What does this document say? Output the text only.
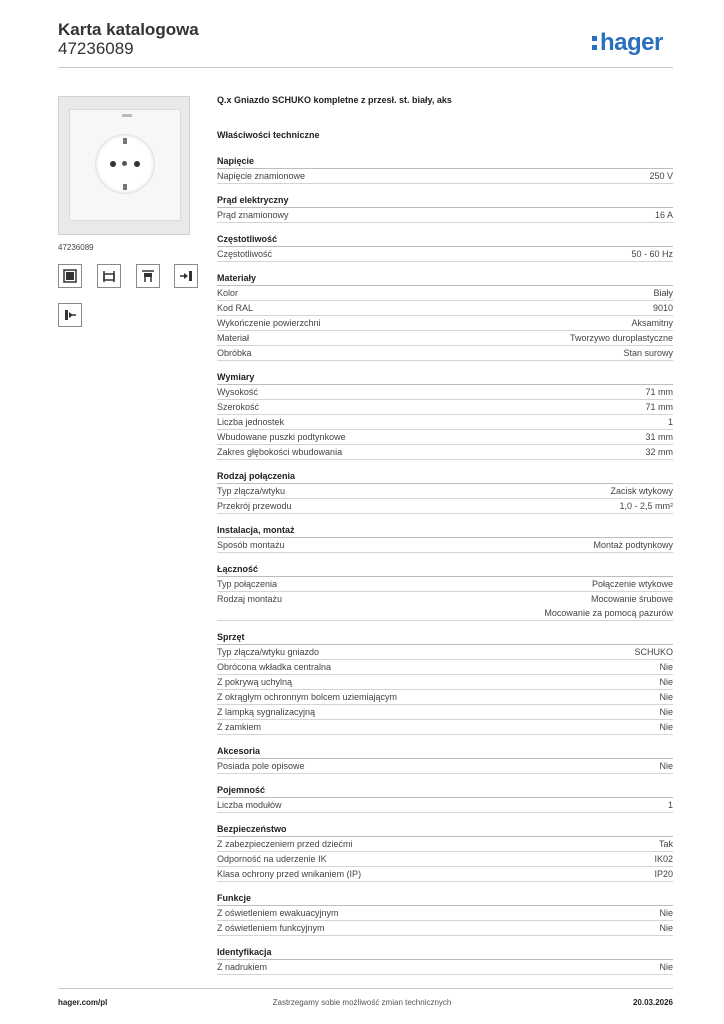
Karta katalogowa
47236089	hager
47236089
Q.x Gniazdo SCHUKO kompletne z przesł. st. biały, aks
Właściwości techniczne
Napięcie
Napięcie znamionowe	250 V
Prąd elektryczny
Prąd znamionowy	16 A
Częstotliwość
Częstotliwość	50 - 60 Hz
Materiały
Kolor	Biały
Kod RAL	9010
Wykończenie powierzchni	Aksamitny
Materiał	Tworzywo duroplastyczne
Obróbka	Stan surowy
Wymiary
Wysokość	71 mm
Szerokość	71 mm
Liczba jednostek	1
Wbudowane puszki podtynkowe	31 mm
Zakres głębokości wbudowania	32 mm
Rodzaj połączenia
Typ złącza/wtyku	Zacisk wtykowy
Przekrój przewodu	1,0 - 2,5 mm²
Instalacja, montaż
Sposób montażu	Montaż podtynkowy
Łączność
Typ połączenia	Połączenie wtykowe
Rodzaj montażu	Mocowanie śrubowe
Mocowanie za pomocą pazurów
Sprzęt
Typ złącza/wtyku gniazdo	SCHUKO
Obrócona wkładka centralna	Nie
Z pokrywą uchylną	Nie
Z okrągłym ochronnym bolcem uziemiającym	Nie
Z lampką sygnalizacyjną	Nie
Z zamkiem	Nie
Akcesoria
Posiada pole opisowe	Nie
Pojemność
Liczba modułów	1
Bezpieczeństwo
Z zabezpieczeniem przed dziećmi	Tak
Odporność na uderzenie IK	IK02
Klasa ochrony przed wnikaniem (IP)	IP20
Funkcje
Z oświetleniem ewakuacyjnym	Nie
Z oświetleniem funkcyjnym	Nie
Identyfikacja
Z nadrukiem	Nie
hager.com/pl	Zastrzegamy sobie możliwość zmian technicznych	20.03.2026
